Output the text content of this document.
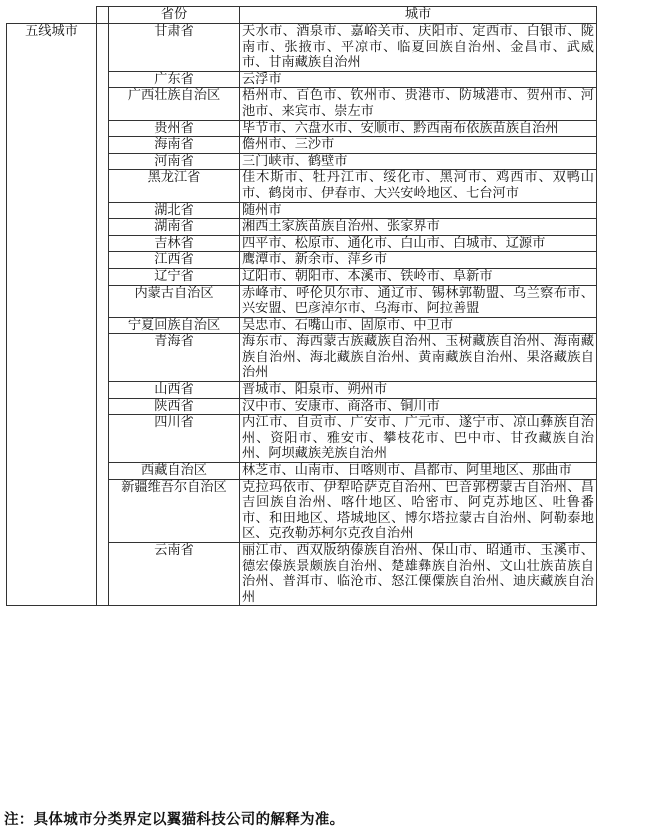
		省份	城市
五线城市		甘肃省	天水市、酒泉市、嘉峪关市、庆阳市、定西市、白银市、陇南市、张掖市、平凉市、临夏回族自治州、金昌市、武威市、甘南藏族自治州
		广东省	云浮市
		广西壮族自治区	梧州市、百色市、钦州市、贵港市、防城港市、贺州市、河池市、来宾市、崇左市
		贵州省	毕节市、六盘水市、安顺市、黔西南布依族苗族自治州
		海南省	儋州市、三沙市
		河南省	三门峡市、鹤壁市
		黑龙江省	佳木斯市、牡丹江市、绥化市、黑河市、鸡西市、双鸭山市、鹤岗市、伊春市、大兴安岭地区、七台河市
		湖北省	随州市
		湖南省	湘西土家族苗族自治州、张家界市
		吉林省	四平市、松原市、通化市、白山市、白城市、辽源市
		江西省	鹰潭市、新余市、萍乡市
		辽宁省	辽阳市、朝阳市、本溪市、铁岭市、阜新市
		内蒙古自治区	赤峰市、呼伦贝尔市、通辽市、锡林郭勒盟、乌兰察布市、兴安盟、巴彦淖尔市、乌海市、阿拉善盟
		宁夏回族自治区	吴忠市、石嘴山市、固原市、中卫市
		青海省	海东市、海西蒙古族藏族自治州、玉树藏族自治州、海南藏族自治州、海北藏族自治州、黄南藏族自治州、果洛藏族自治州
		山西省	晋城市、阳泉市、朔州市
		陕西省	汉中市、安康市、商洛市、铜川市
		四川省	内江市、自贡市、广安市、广元市、遂宁市、凉山彝族自治州、资阳市、雅安市、攀枝花市、巴中市、甘孜藏族自治州、阿坝藏族羌族自治州
		西藏自治区	林芝市、山南市、日喀则市、昌都市、阿里地区、那曲市
		新疆维吾尔自治区	克拉玛依市、伊犁哈萨克自治州、巴音郭楞蒙古自治州、昌吉回族自治州、喀什地区、哈密市、阿克苏地区、吐鲁番市、和田地区、塔城地区、博尔塔拉蒙古自治州、阿勒泰地区、克孜勒苏柯尔克孜自治州
		云南省	丽江市、西双版纳傣族自治州、保山市、昭通市、玉溪市、德宏傣族景颇族自治州、楚雄彝族自治州、文山壮族苗族自治州、普洱市、临沧市、怒江傈僳族自治州、迪庆藏族自治州
注：具体城市分类界定以翼猫科技公司的解释为准。
